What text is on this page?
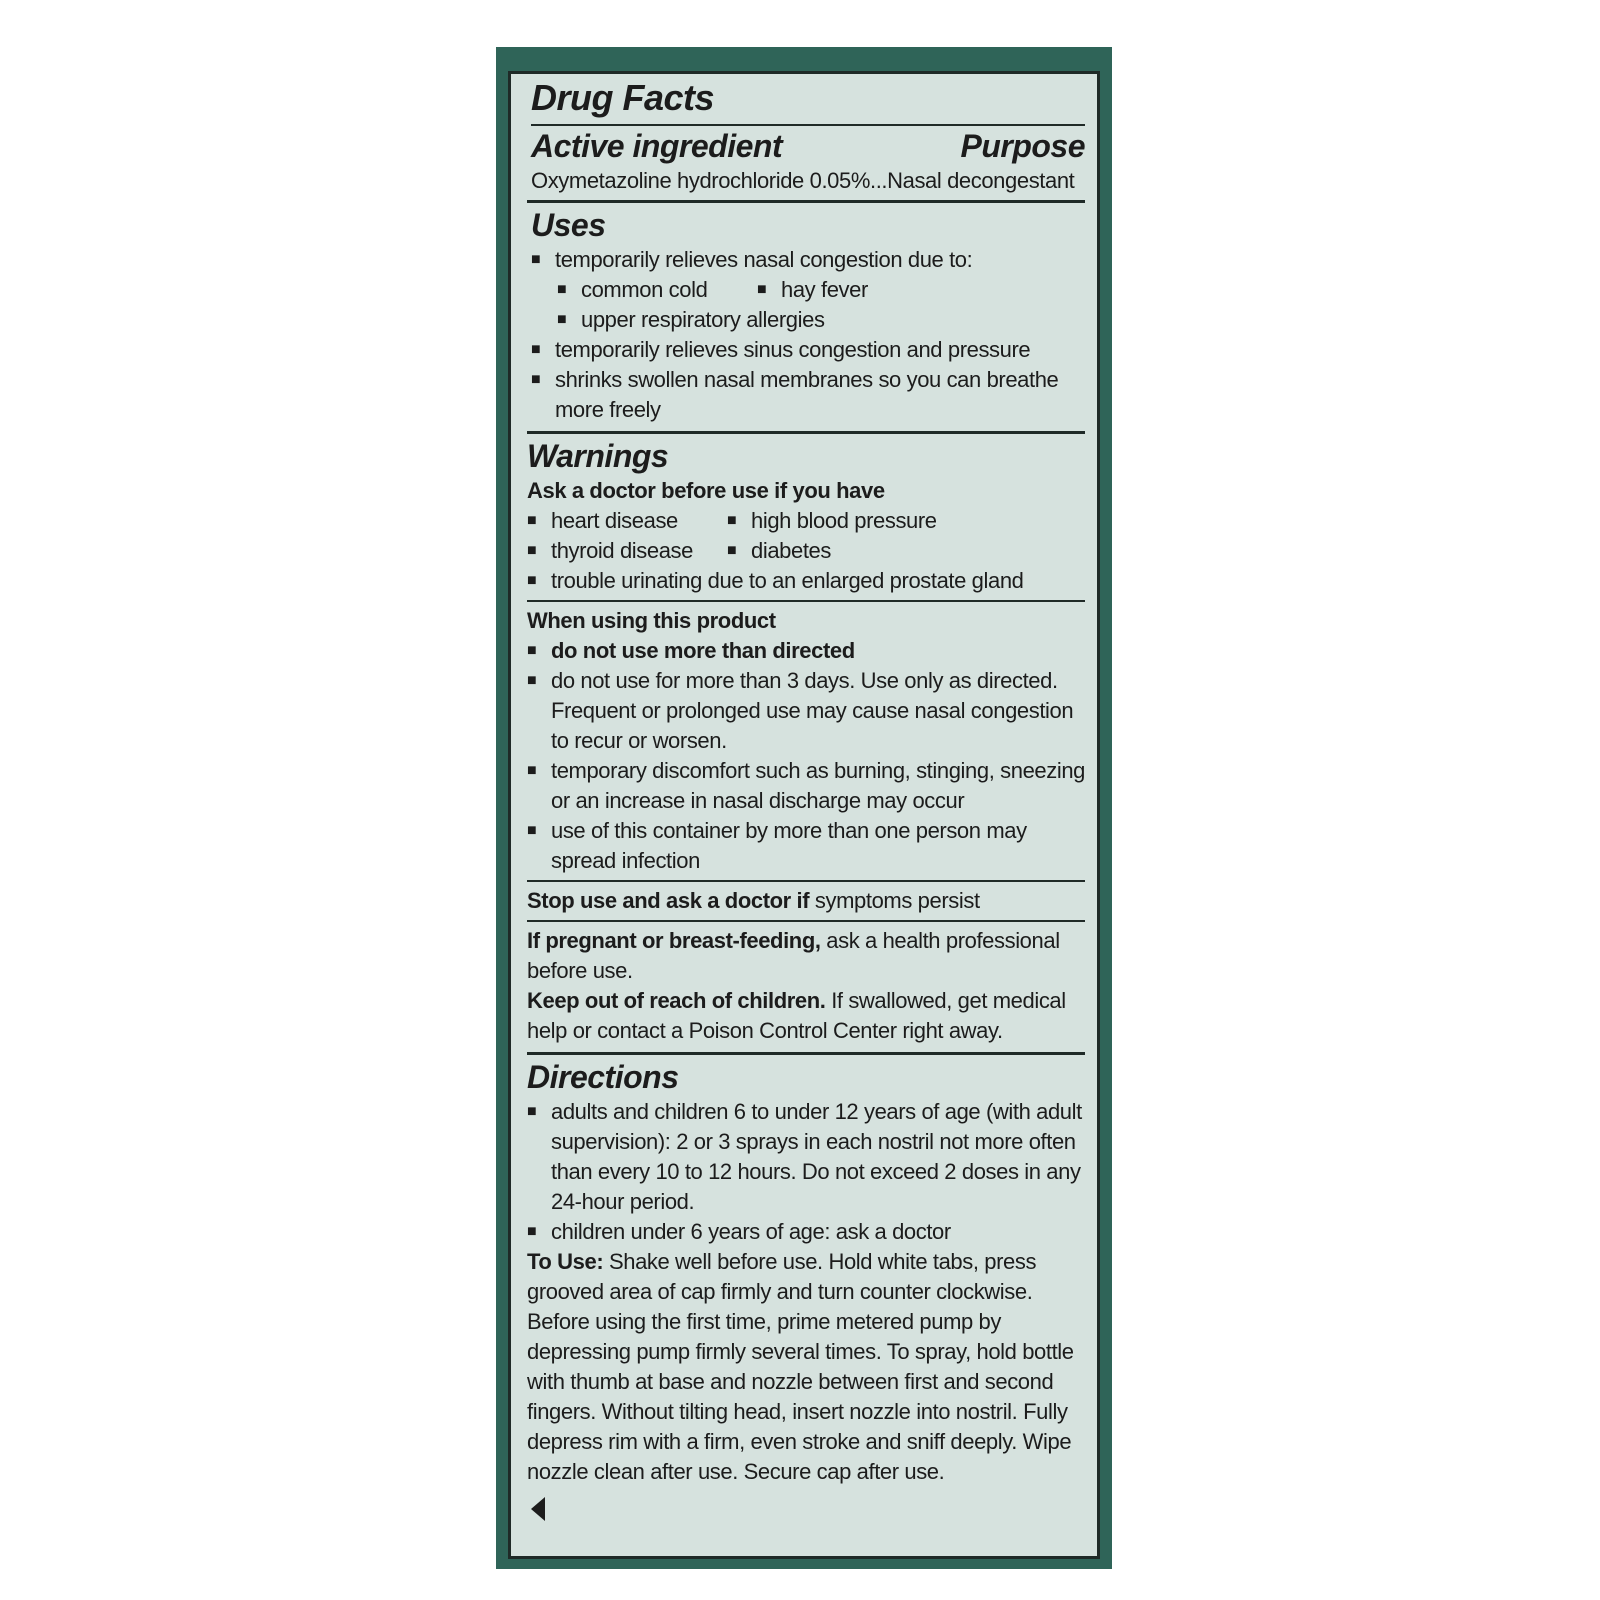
Drug Facts
Active ingredient	Purpose
Oxymetazoline hydrochloride 0.05%...Nasal decongestant
Uses
■ temporarily relieves nasal congestion due to:
■ common cold	■ hay fever
■ upper respiratory allergies
■ temporarily relieves sinus congestion and pressure
■ shrinks swollen nasal membranes so you can breathe more freely
Warnings
Ask a doctor before use if you have
■ heart disease	■ high blood pressure
■ thyroid disease ■ diabetes
■ trouble urinating due to an enlarged prostate gland
When using this product
■ do not use more than directed
■ do not use for more than 3 days. Use only as directed. Frequent or prolonged use may cause nasal congestion to recur or worsen.
■ temporary discomfort such as burning, stinging, sneezing or an increase in nasal discharge may occur
■ use of this container by more than one person may spread infection
Stop use and ask a doctor if symptoms persist
If pregnant or breast-feeding, ask a health professional before use.
Keep out of reach of children. If swallowed, get medical help or contact a Poison Control Center right away.
Directions
■ adults and children 6 to under 12 years of age (with adult supervision): 2 or 3 sprays in each nostril not more often than every 10 to 12 hours. Do not exceed 2 doses in any 24-hour period.
■ children under 6 years of age: ask a doctor
To Use: Shake well before use. Hold white tabs, press grooved area of cap firmly and turn counter clockwise. Before using the first time, prime metered pump by depressing pump firmly several times. To spray, hold bottle with thumb at base and nozzle between first and second fingers. Without tilting head, insert nozzle into nostril. Fully depress rim with a firm, even stroke and sniff deeply. Wipe nozzle clean after use. Secure cap after use.
